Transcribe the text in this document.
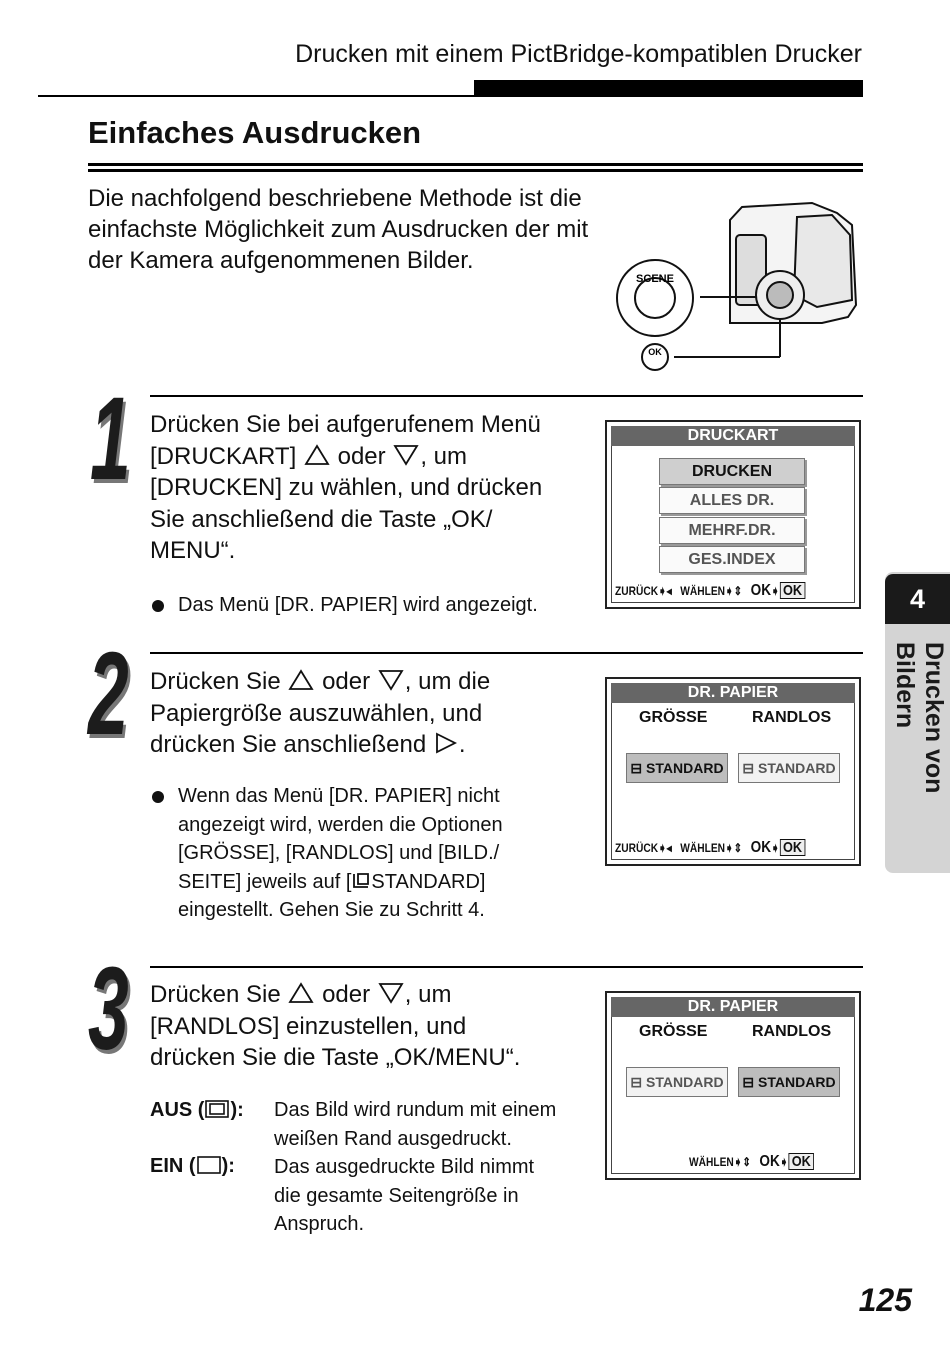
Drucken mit einem PictBridge-kompatiblen Drucker
Einfaches Ausdrucken
Die nachfolgend beschriebene Methode ist die einfachste Möglichkeit zum Ausdrucken der mit der Kamera aufgenommenen Bilder.
SCENE
OK
1 Drücken Sie bei aufgerufenem Menü
[DRUCKART] oder , um
[DRUCKEN] zu wählen, und drücken
Sie anschließend die Taste „OK/
MENU“.
Das Menü [DR. PAPIER] wird angezeigt.
DRUCKART
DRUCKEN
ALLES DR.
MEHRF.DR.
GES.INDEX
ZURÜCK➧◂   WÄHLEN➧⇕   OK➧ OK
2 Drücken Sie oder , um die
Papiergröße auszuwählen, und
drücken Sie anschließend .
Wenn das Menü [DR. PAPIER] nicht
angezeigt wird, werden die Optionen
[GRÖSSE], [RANDLOS] und [BILD./
SEITE] jeweils auf [ STANDARD]
eingestellt. Gehen Sie zu Schritt 4.
DR. PAPIER
GRÖSSE	RANDLOS
⊟ STANDARD	⊟ STANDARD
ZURÜCK➧◂   WÄHLEN➧⇕   OK➧ OK
3 Drücken Sie oder , um
[RANDLOS] einzustellen, und
drücken Sie die Taste „OK/MENU“.
AUS ( ): Das Bild wird rundum mit einem
weißen Rand ausgedruckt.
EIN ( ): Das ausgedruckte Bild nimmt
die gesamte Seitengröße in
Anspruch.
DR. PAPIER
GRÖSSE	RANDLOS
⊟ STANDARD	⊟ STANDARD
WÄHLEN➧⇕   OK➧ OK
4
Drucken von Bildern
125
